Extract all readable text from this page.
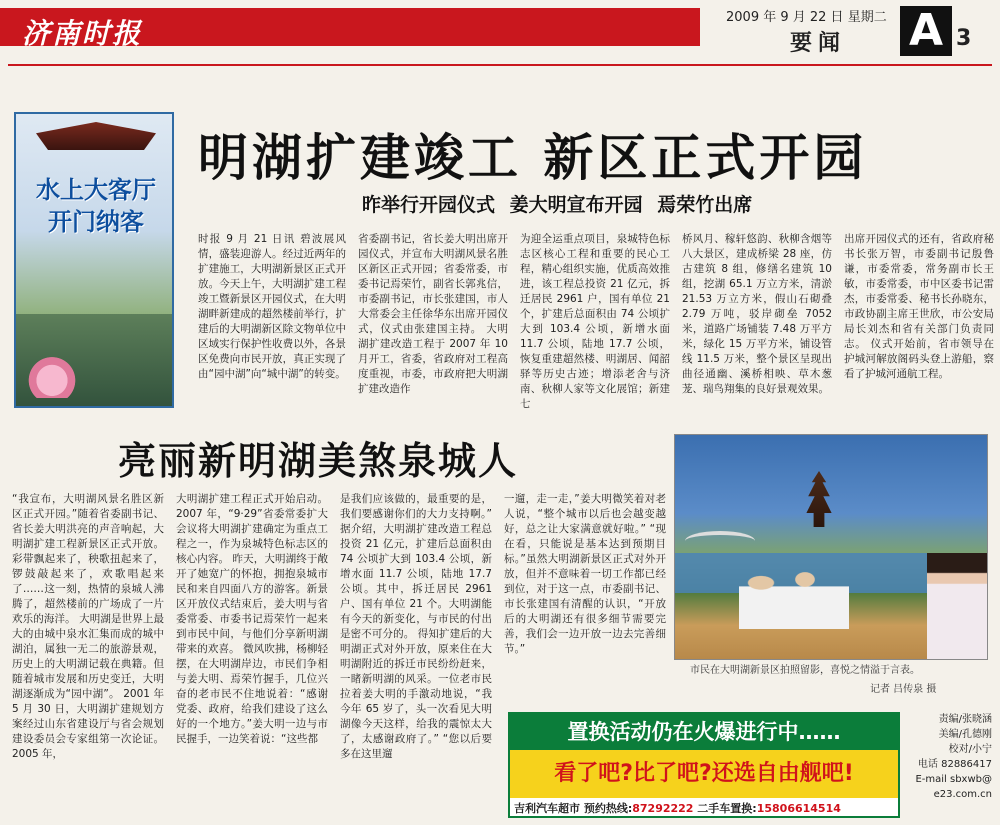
济南时报	2009 年 9 月 22 日 星期二
要闻 A 3
水上大客厅 开门纳客
明湖扩建竣工 新区正式开园
昨举行开园仪式 姜大明宣布开园 焉荣竹出席
时报 9 月 21 日讯 碧波展风情，盛装迎游人。经过近两年的扩建施工，大明湖新景区正式开放。今天上午，大明湖扩建工程竣工暨新景区开园仪式，在大明湖畔新建成的超然楼前举行，扩建后的大明湖新区除文物单位中区域实行保护性收费以外，各景区免费向市民开放，真正实现了由“园中湖”向“城中湖”的转变。
省委副书记，省长姜大明出席开园仪式，并宣布大明湖风景名胜区新区正式开园；省委常委，市委书记焉荣竹，副省长郭兆信，市委副书记，市长张建国，市人大常委会主任徐华东出席开园仪式，仪式由张建国主持。 大明湖扩建改造工程于 2007 年 10 月开工，省委，省政府对工程高度重视，市委，市政府把大明湖扩建改造作
为迎全运重点项目，泉城特色标志区核心工程和重要的民心工程，精心组织实施，优质高效推进，该工程总投资 21 亿元，拆迁居民 2961 户，国有单位 21 个，扩建后总面积由 74 公顷扩大到 103.4 公顷，新增水面 11.7 公顷，陆地 17.7 公顷，恢复重建超然楼、明湖居、闻韶驿等历史古迹；增添老舍与济南、秋柳人家等文化展馆；新建七
桥风月、稼轩悠韵、秋柳含烟等八大景区，建成桥梁 28 座，仿古建筑 8 组，修缮名建筑 10 组，挖湖 65.1 万立方米，清淤 21.53 万立方米，假山石砌叠 2.79 万吨，驳岸砌垒 7052 米，道路广场铺装 7.48 万平方米，绿化 15 万平方米，铺设管线 11.5 万米，整个景区呈现出曲径通幽、溪桥相映、草木葱茏、瑞鸟翔集的良好景观效果。
出席开园仪式的还有，省政府秘书长张万智，市委副书记殷鲁谦，市委常委，常务副市长王敏，市委常委，市中区委书记雷杰，市委常委、秘书长孙晓东，市政协副主席王世欣，市公安局局长刘杰和省有关部门负责同志。 仪式开始前，省市领导在护城河解放阁码头登上游船，察看了护城河通航工程。
亮丽新明湖美煞泉城人
“我宣布，大明湖风景名胜区新区正式开园。”随着省委副书记、省长姜大明洪亮的声音响起，大明湖扩建工程新景区正式开放。彩带飘起来了，秧歌扭起来了，锣鼓敲起来了，欢歌唱起来了……这一刻，热情的泉城人沸腾了，超然楼前的广场成了一片欢乐的海洋。 大明湖是世界上最大的由城中泉水汇集而成的城中湖泊，属独一无二的旅游景观，历史上的大明湖记载在典籍。但随着城市发展和历史变迁，大明湖逐渐成为“园中湖”。 2001 年 5 月 30 日，大明湖扩建规划方案经过山东省建设厅与省会规划建设委员会专家组第一次论证。2005 年，
大明湖扩建工程正式开始启动。2007 年，“9·29”省委常委扩大会议将大明湖扩建确定为重点工程之一，作为泉城特色标志区的核心内容。 昨天，大明湖终于敞开了她宽广的怀抱，拥抱泉城市民和来自四面八方的游客。新景区开放仪式结束后，姜大明与省委常委、市委书记焉荣竹一起来到市民中间，与他们分享新明湖带来的欢喜。 微风吹拂，杨柳轻摆，在大明湖岸边，市民们争相与姜大明、焉荣竹握手，几位兴奋的老市民不住地说着：“感谢党委、政府，给我们建设了这么好的一个地方。”姜大明一边与市民握手，一边笑着说：“这些都
是我们应该做的，最重要的是，我们要感谢你们的大力支持啊。” 据介绍，大明湖扩建改造工程总投资 21 亿元，扩建后总面积由 74 公顷扩大到 103.4 公顷，新增水面 11.7 公顷，陆地 17.7 公顷。其中，拆迁居民 2961 户、国有单位 21 个。大明湖能有今天的新变化，与市民的付出是密不可分的。 得知扩建后的大明湖正式对外开放，原来住在大明湖附近的拆迁市民纷纷赶来，一睹新明湖的风采。一位老市民拉着姜大明的手激动地说，“我今年 65 岁了，头一次看见大明湖像今天这样，给我的震惊太大了，太感谢政府了。” “您以后要多在这里遛
一遛，走一走，”姜大明微笑着对老人说，“整个城市以后也会越变越好，总之让大家满意就好啦。” “现在看，只能说是基本达到预期目标。”虽然大明湖新景区正式对外开放，但并不意味着一切工作都已经到位，对于这一点，市委副书记、市长张建国有清醒的认识，“开放后的大明湖还有很多细节需要完善，我们会一边开放一边去完善细节。”
市民在大明湖新景区拍照留影，喜悦之情溢于言表。
记者 吕传泉 摄
置换活动仍在火爆进行中……
看了吧?比了吧?还选自由舰吧!
吉利汽车超市 预约热线:87292222 二手车置换:15806614514
责编/张晓涵
美编/孔德刚
校对/小宁
电话 82886417
E-mail sbxwb@
e23.com.cn
